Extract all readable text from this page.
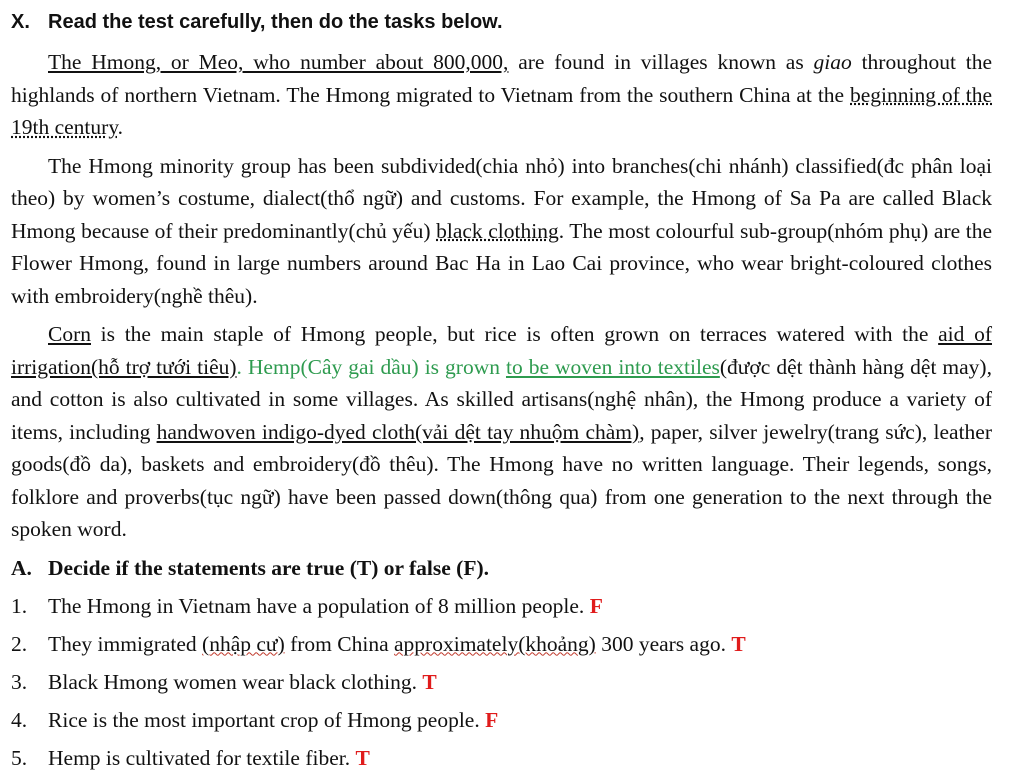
X. Read the test carefully, then do the tasks below.

The Hmong, or Meo, who number about 800,000, are found in villages known as giao throughout the highlands of northern Vietnam. The Hmong migrated to Vietnam from the southern China at the beginning of the 19th century.

The Hmong minority group has been subdivided(chia nhỏ) into branches(chi nhánh) classified(đc phân loại theo) by women’s costume, dialect(thổ ngữ) and customs. For example, the Hmong of Sa Pa are called Black Hmong because of their predominantly(chủ yếu) black clothing. The most colourful sub-group(nhóm phụ) are the Flower Hmong, found in large numbers around Bac Ha in Lao Cai province, who wear bright-coloured clothes with embroidery(nghề thêu).

Corn is the main staple of Hmong people, but rice is often grown on terraces watered with the aid of irrigation(hỗ trợ tưới tiêu). Hemp(Cây gai dầu) is grown to be woven into textiles(được dệt thành hàng dệt may), and cotton is also cultivated in some villages. As skilled artisans(nghệ nhân), the Hmong produce a variety of items, including handwoven indigo-dyed cloth(vải dệt tay nhuộm chàm), paper, silver jewelry(trang sức), leather goods(đồ da), baskets and embroidery(đồ thêu). The Hmong have no written language. Their legends, songs, folklore and proverbs(tục ngữ) have been passed down(thông qua) from one generation to the next through the spoken word.

A. Decide if the statements are true (T) or false (F).
1. The Hmong in Vietnam have a population of 8 million people. F
2. They immigrated (nhập cư) from China approximately(khoảng) 300 years ago. T
3. Black Hmong women wear black clothing. T
4. Rice is the most important crop of Hmong people. F
5. Hemp is cultivated for textile fiber. T
